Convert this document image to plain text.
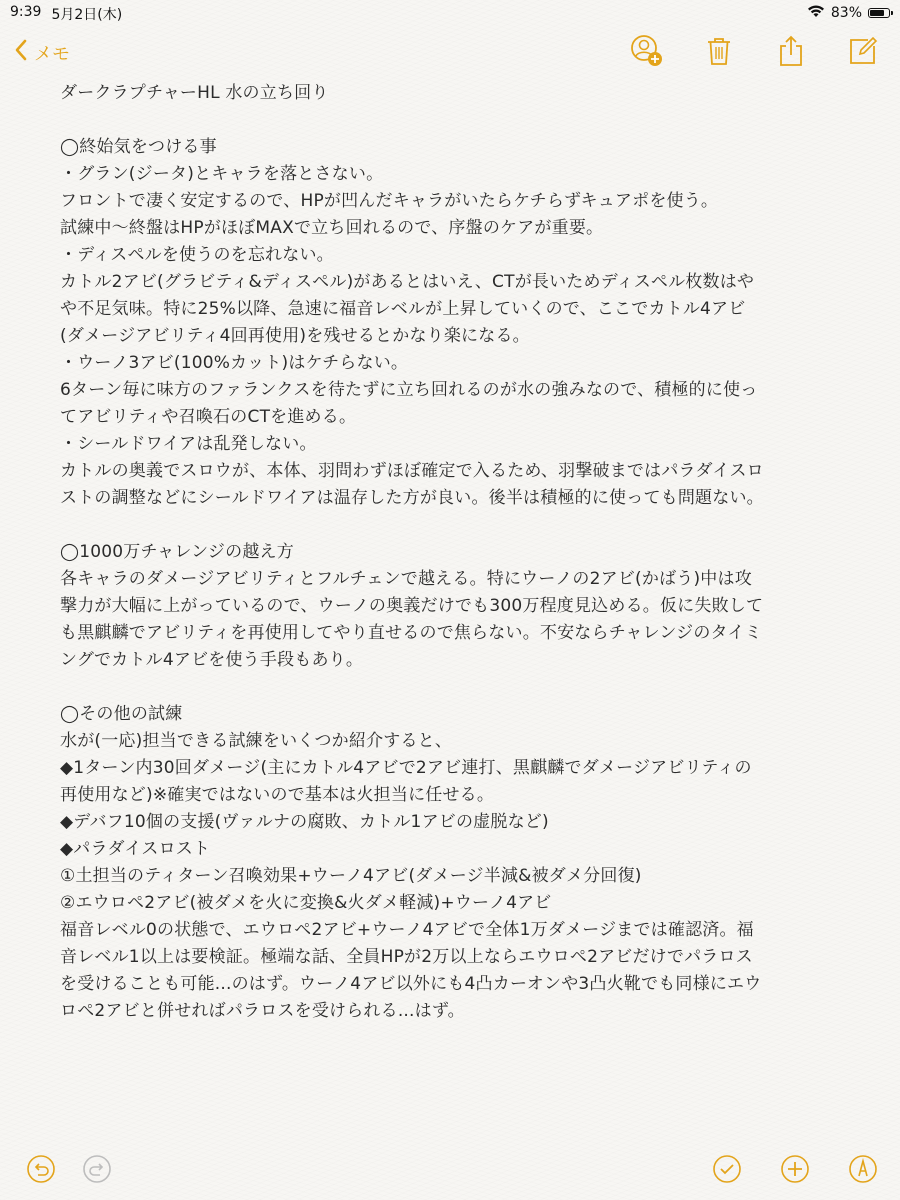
9:39 5月2日(木)	83%
メモ
ダークラプチャーHL 水の立ち回り
◯終始気をつける事
・グラン(ジータ)とキャラを落とさない。
フロントで凄く安定するので、HPが凹んだキャラがいたらケチらずキュアポを使う。
試練中〜終盤はHPがほぼMAXで立ち回れるので、序盤のケアが重要。
・ディスペルを使うのを忘れない。
カトル2アビ(グラビティ&ディスペル)があるとはいえ、CTが長いためディスペル枚数はや
や不足気味。特に25%以降、急速に福音レベルが上昇していくので、ここでカトル4アビ
(ダメージアビリティ4回再使用)を残せるとかなり楽になる。
・ウーノ3アビ(100%カット)はケチらない。
6ターン毎に味方のファランクスを待たずに立ち回れるのが水の強みなので、積極的に使っ
てアビリティや召喚石のCTを進める。
・シールドワイアは乱発しない。
カトルの奥義でスロウが、本体、羽問わずほぼ確定で入るため、羽撃破まではパラダイスロ
ストの調整などにシールドワイアは温存した方が良い。後半は積極的に使っても問題ない。
◯1000万チャレンジの越え方
各キャラのダメージアビリティとフルチェンで越える。特にウーノの2アビ(かばう)中は攻
撃力が大幅に上がっているので、ウーノの奥義だけでも300万程度見込める。仮に失敗して
も黒麒麟でアビリティを再使用してやり直せるので焦らない。不安ならチャレンジのタイミ
ングでカトル4アビを使う手段もあり。
◯その他の試練
水が(一応)担当できる試練をいくつか紹介すると、
◆1ターン内30回ダメージ(主にカトル4アビで2アビ連打、黒麒麟でダメージアビリティの
再使用など)※確実ではないので基本は火担当に任せる。
◆デバフ10個の支援(ヴァルナの腐敗、カトル1アビの虚脱など)
◆パラダイスロスト
①土担当のティターン召喚効果+ウーノ4アビ(ダメージ半減&被ダメ分回復)
②エウロペ2アビ(被ダメを火に変換&火ダメ軽減)+ウーノ4アビ
福音レベル0の状態で、エウロペ2アビ+ウーノ4アビで全体1万ダメージまでは確認済。福
音レベル1以上は要検証。極端な話、全員HPが2万以上ならエウロペ2アビだけでパラロス
を受けることも可能...のはず。ウーノ4アビ以外にも4凸カーオンや3凸火靴でも同様にエウ
ロペ2アビと併せればパラロスを受けられる...はず。
